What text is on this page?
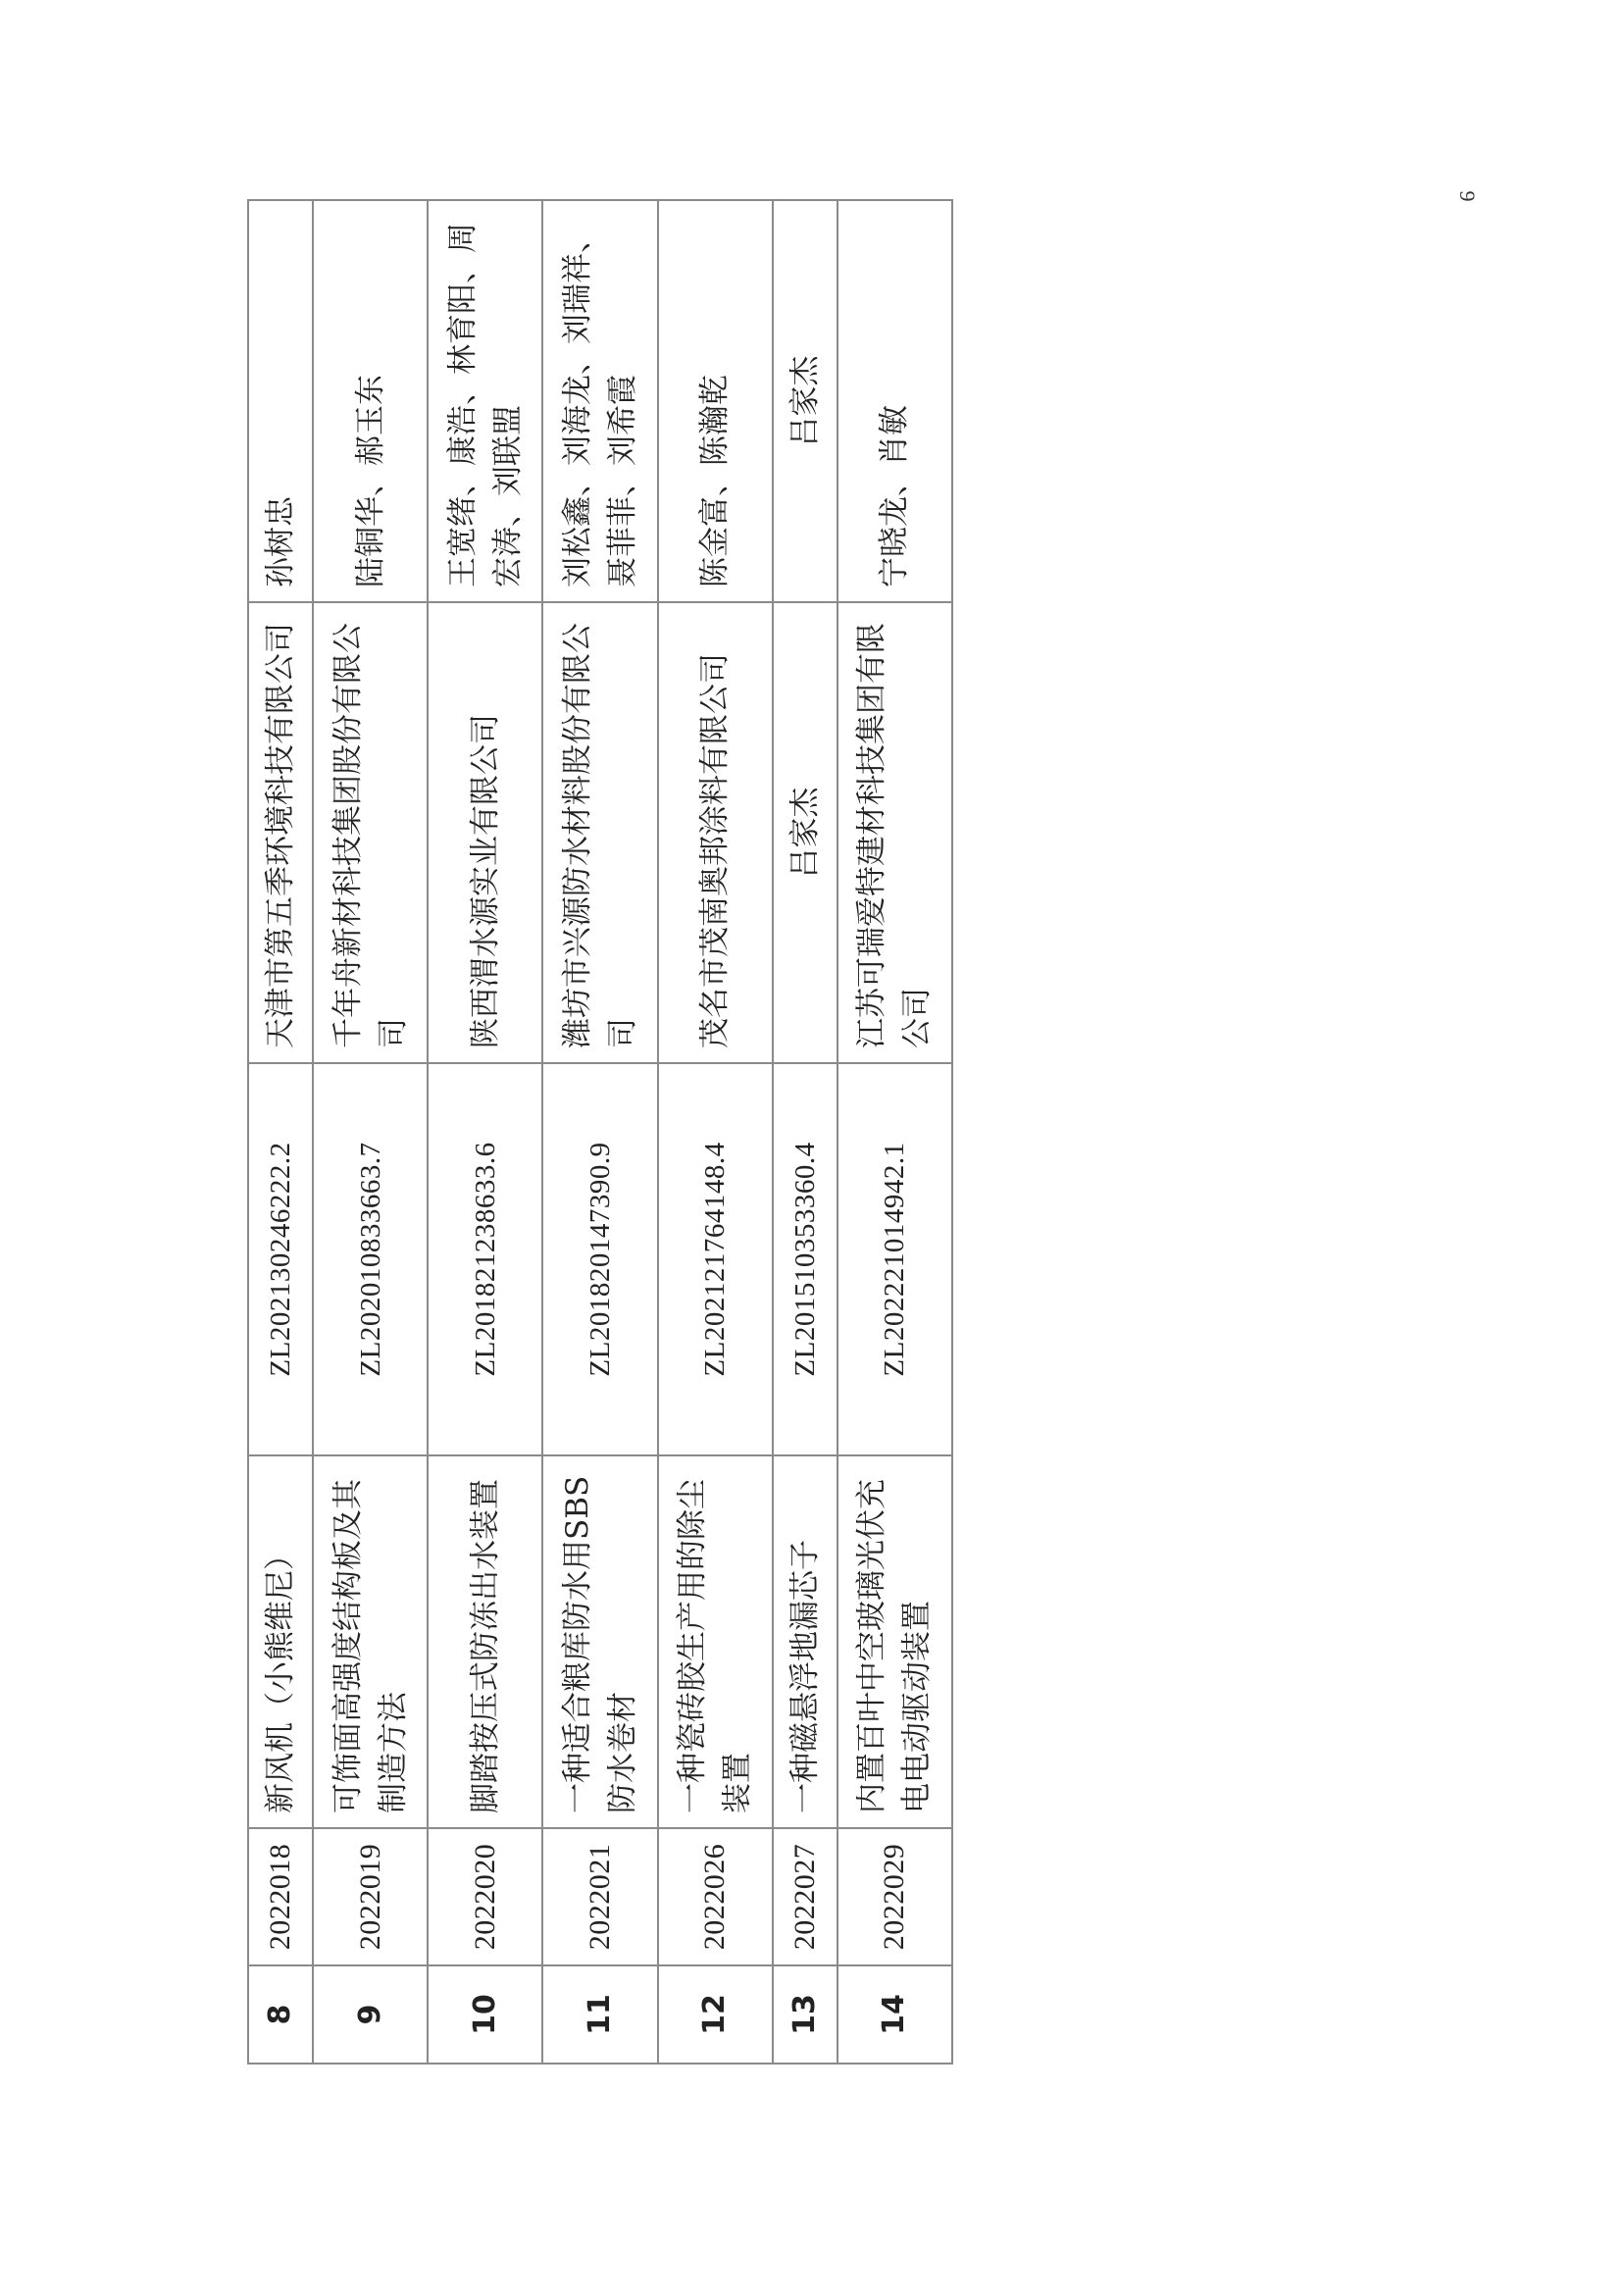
9
8	2022018	新风机（小熊维尼）	ZL202130246222.2	天津市第五季环境科技有限公司	孙树忠
9	2022019	可饰面高强度结构板及其制造方法	ZL202010833663.7	千年舟新材科技集团股份有限公司	陆铜华、郝玉东
10	2022020	脚踏按压式防冻出水装置	ZL201821238633.6	陕西渭水源实业有限公司	王宽绪、康浩、林育阳、周宏涛、刘联盟
11	2022021	一种适合粮库防水用SBS防水卷材	ZL201820147390.9	潍坊市兴源防水材料股份有限公司	刘松鑫、刘海龙、刘瑞祥、聂菲菲、刘希霞
12	2022026	一种瓷砖胶生产用的除尘装置	ZL202121764148.4	茂名市茂南奥邦涂料有限公司	陈金富、陈瀚乾
13	2022027	一种磁悬浮地漏芯子	ZL201510353360.4	吕家杰	吕家杰
14	2022029	内置百叶中空玻璃光伏充电电动驱动装置	ZL202221014942.1	江苏可瑞爱特建材科技集团有限公司	宁晓龙、肖敏
